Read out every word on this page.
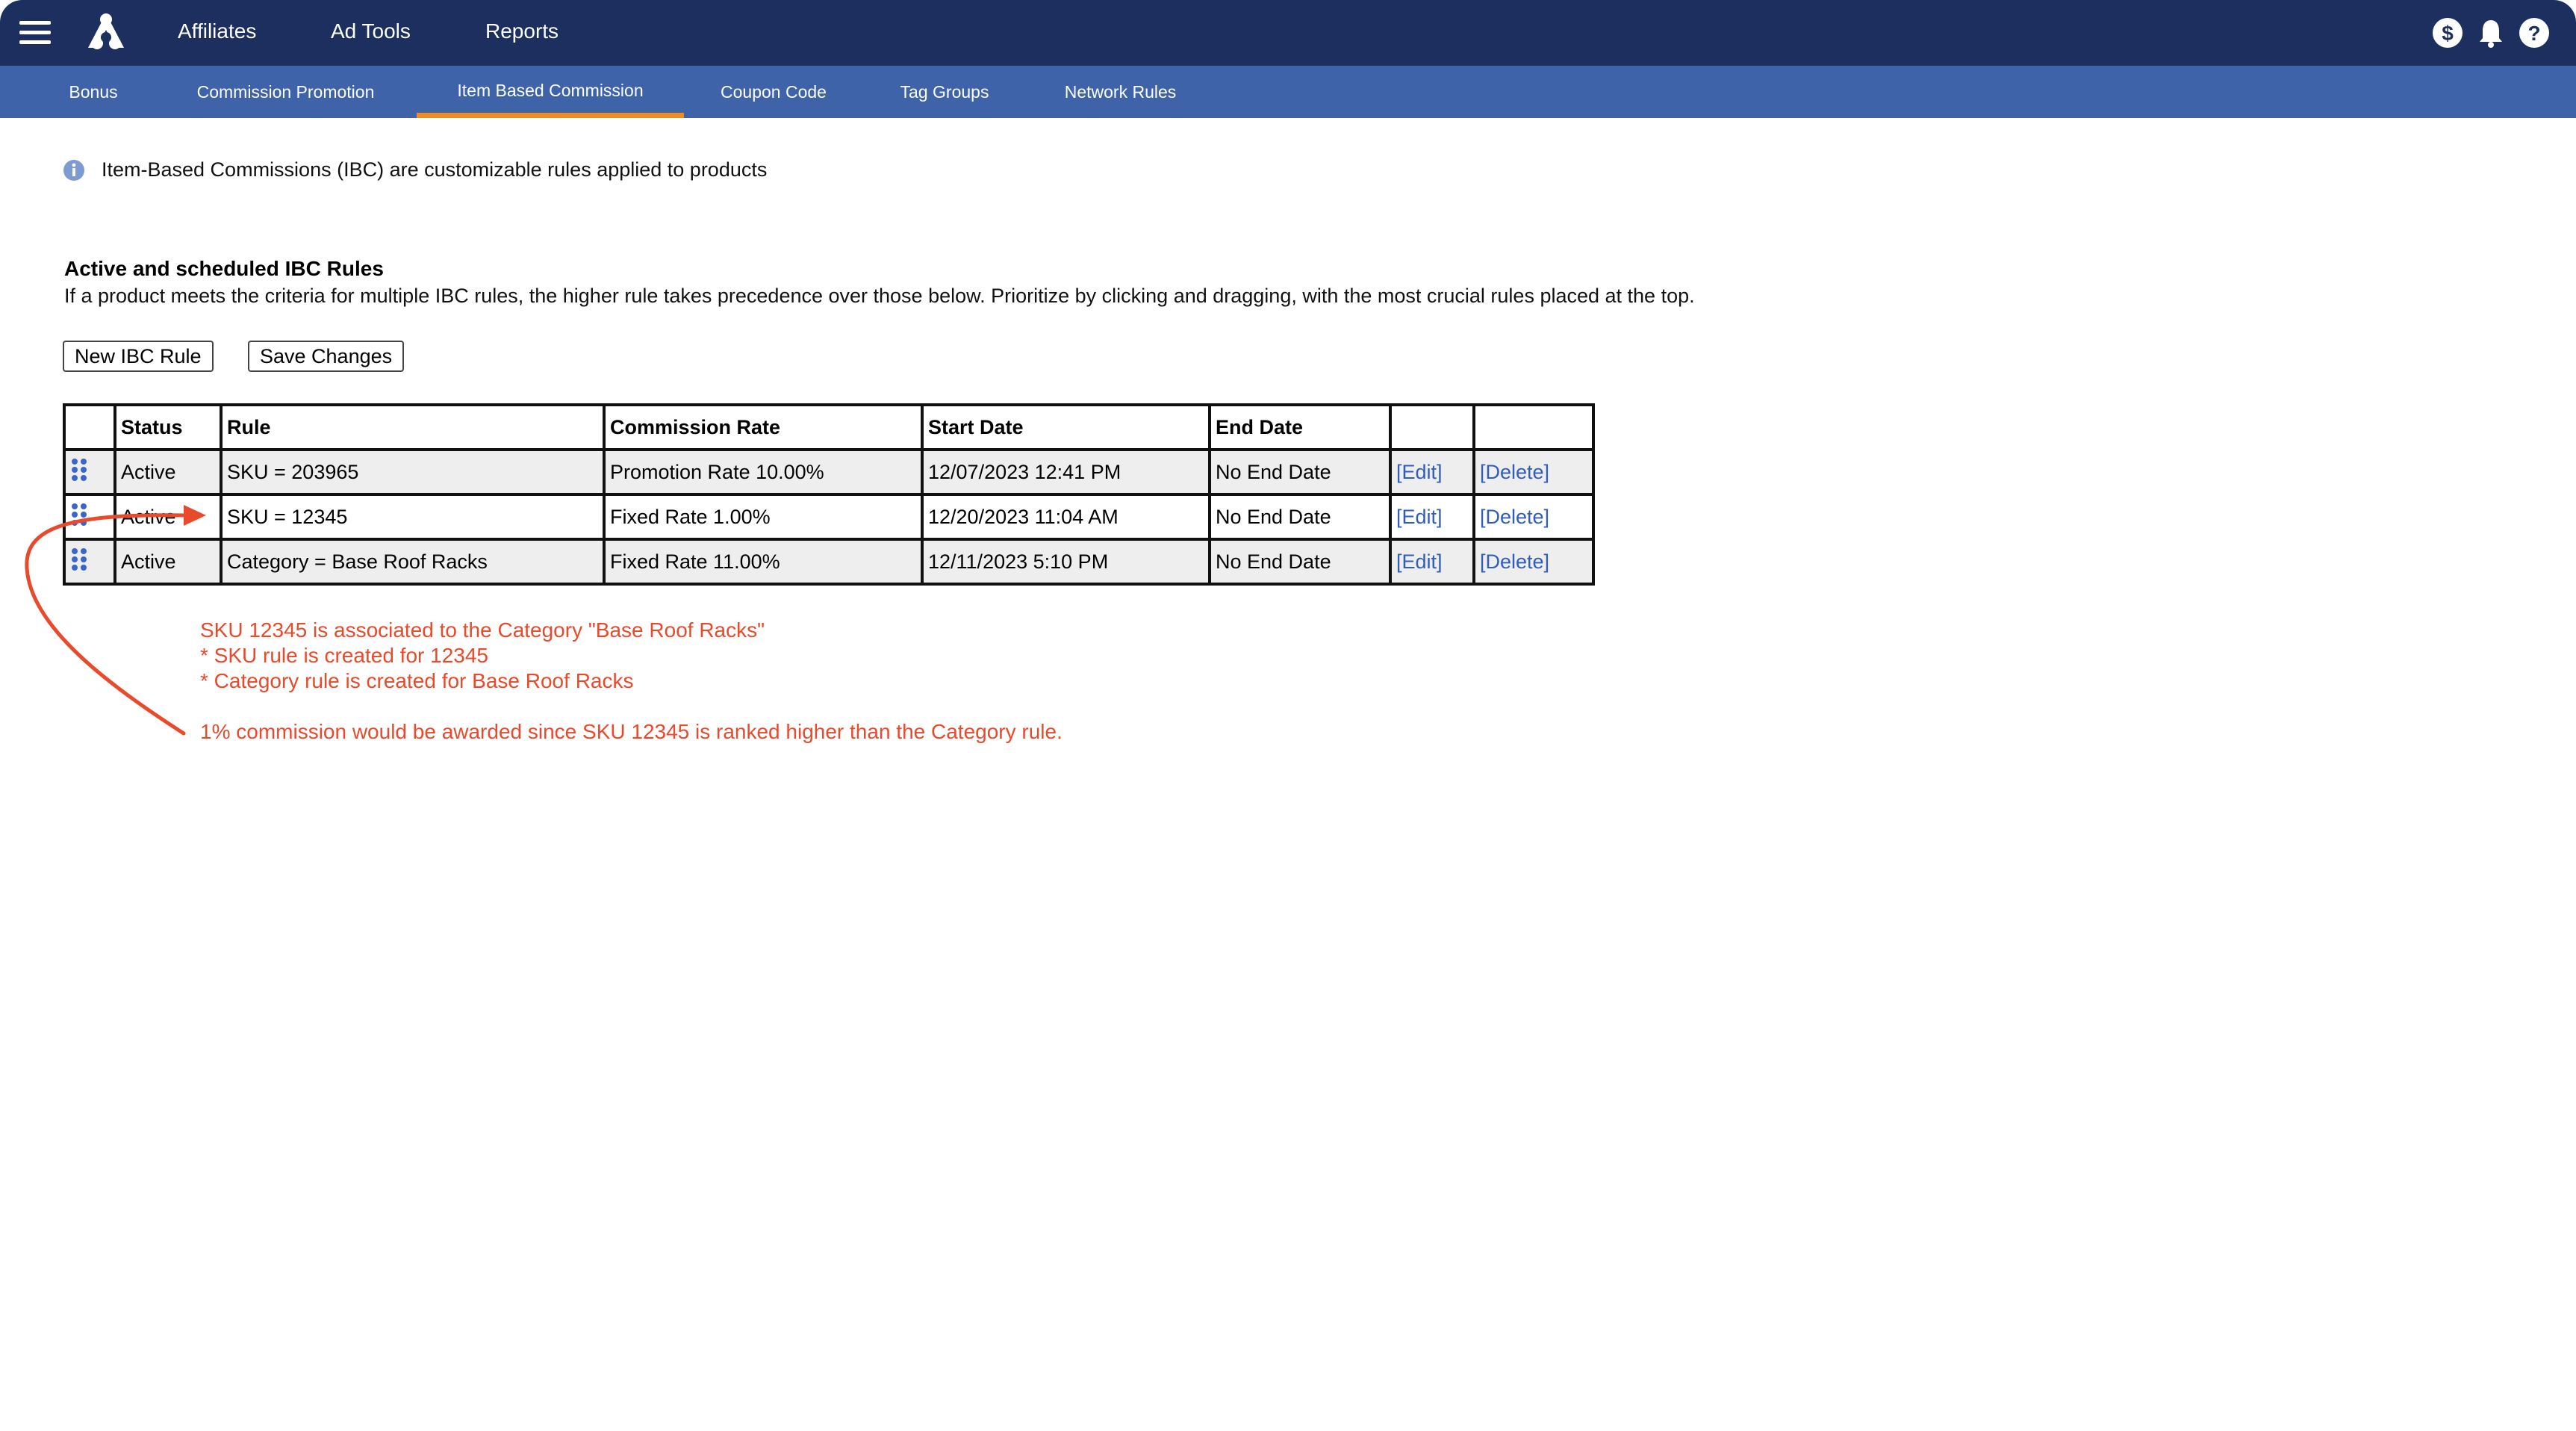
Affiliates	Ad Tools	Reports	$	?
Bonus	Commission Promotion	Item Based Commission	Coupon Code	Tag Groups	Network Rules
Item-Based Commissions (IBC) are customizable rules applied to products
Active and scheduled IBC Rules
If a product meets the criteria for multiple IBC rules, the higher rule takes precedence over those below. Prioritize by clicking and dragging, with the most crucial rules placed at the top.
New IBC Rule	Save Changes
	Status	Rule	Commission Rate	Start Date	End Date		
	Active	SKU = 203965	Promotion Rate 10.00%	12/07/2023 12:41 PM	No End Date	[Edit]	[Delete]
	Active	SKU = 12345	Fixed Rate 1.00%	12/20/2023 11:04 AM	No End Date	[Edit]	[Delete]
	Active	Category = Base Roof Racks	Fixed Rate 11.00%	12/11/2023 5:10 PM	No End Date	[Edit]	[Delete]
SKU 12345 is associated to the Category "Base Roof Racks"
* SKU rule is created for 12345
* Category rule is created for Base Roof Racks
1% commission would be awarded since SKU 12345 is ranked higher than the Category rule.
